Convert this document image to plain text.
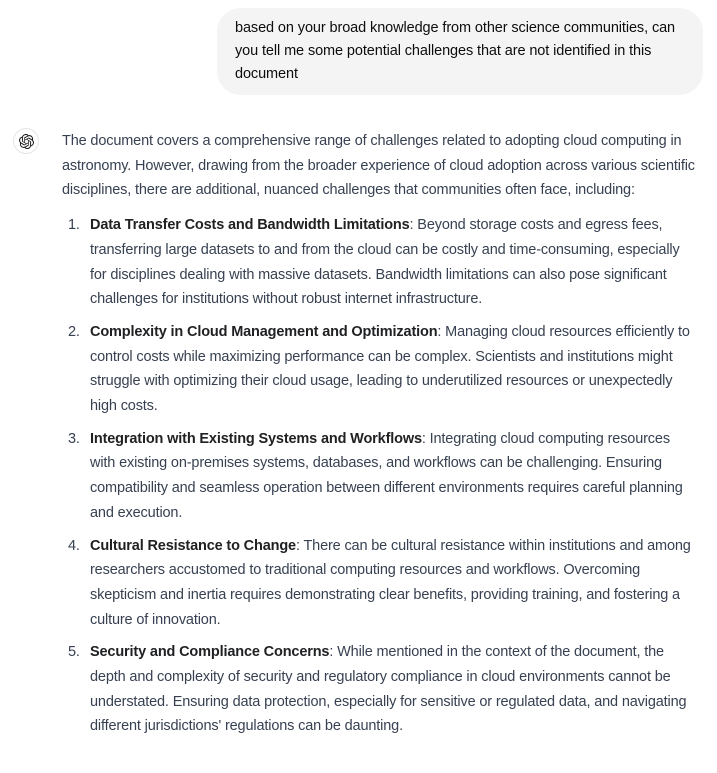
based on your broad knowledge from other science communities, can you tell me some potential challenges that are not identified in this document

The document covers a comprehensive range of challenges related to adopting cloud computing in astronomy. However, drawing from the broader experience of cloud adoption across various scientific disciplines, there are additional, nuanced challenges that communities often face, including:

1. Data Transfer Costs and Bandwidth Limitations: Beyond storage costs and egress fees, transferring large datasets to and from the cloud can be costly and time-consuming, especially for disciplines dealing with massive datasets. Bandwidth limitations can also pose significant challenges for institutions without robust internet infrastructure.
2. Complexity in Cloud Management and Optimization: Managing cloud resources efficiently to control costs while maximizing performance can be complex. Scientists and institutions might struggle with optimizing their cloud usage, leading to underutilized resources or unexpectedly high costs.
3. Integration with Existing Systems and Workflows: Integrating cloud computing resources with existing on-premises systems, databases, and workflows can be challenging. Ensuring compatibility and seamless operation between different environments requires careful planning and execution.
4. Cultural Resistance to Change: There can be cultural resistance within institutions and among researchers accustomed to traditional computing resources and workflows. Overcoming skepticism and inertia requires demonstrating clear benefits, providing training, and fostering a culture of innovation.
5. Security and Compliance Concerns: While mentioned in the context of the document, the depth and complexity of security and regulatory compliance in cloud environments cannot be understated. Ensuring data protection, especially for sensitive or regulated data, and navigating different jurisdictions' regulations can be daunting.
